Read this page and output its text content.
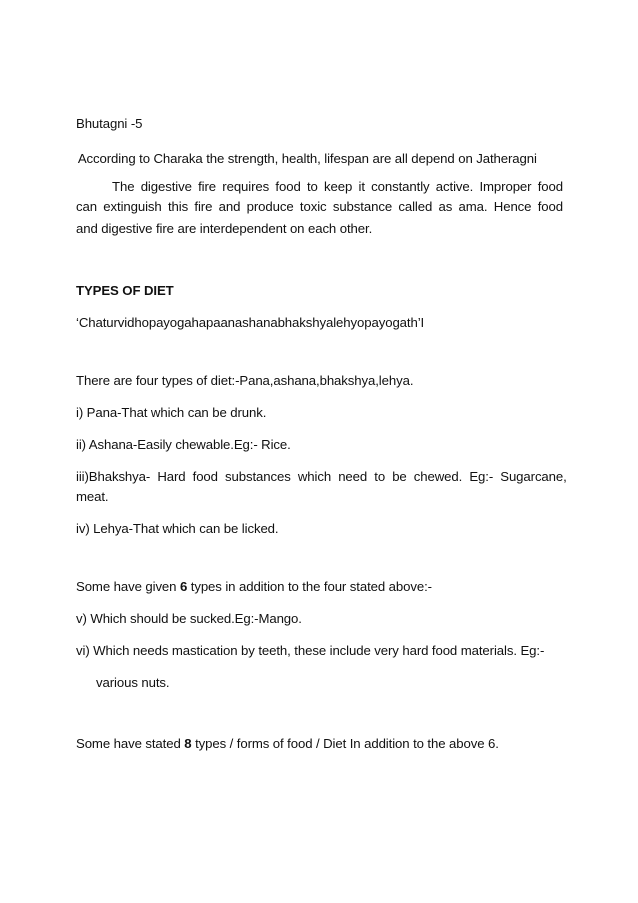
Bhutagni -5
According to Charaka the strength, health, lifespan are all depend on Jatheragni
The digestive fire requires food to keep it constantly active. Improper food
can extinguish this fire and produce toxic substance called as ama. Hence food
and digestive fire are interdependent on each other.
TYPES OF DIET
‘Chaturvidhopayogahapaanashanabhakshyalehyopayogath’I
There are four types of diet:-Pana,ashana,bhakshya,lehya.
i) Pana-That which can be drunk.
ii) Ashana-Easily chewable.Eg:- Rice.
iii)Bhakshya-  Hard  food  substances  which  need  to  be  chewed.  Eg:-  Sugarcane,
meat.
iv) Lehya-That which can be licked.
Some have given 6 types in addition to the four stated above:-
v) Which should be sucked.Eg:-Mango.
vi) Which needs mastication by teeth, these include very hard food materials. Eg:-
various nuts.
Some have stated 8 types / forms of food / Diet In addition to the above 6.
